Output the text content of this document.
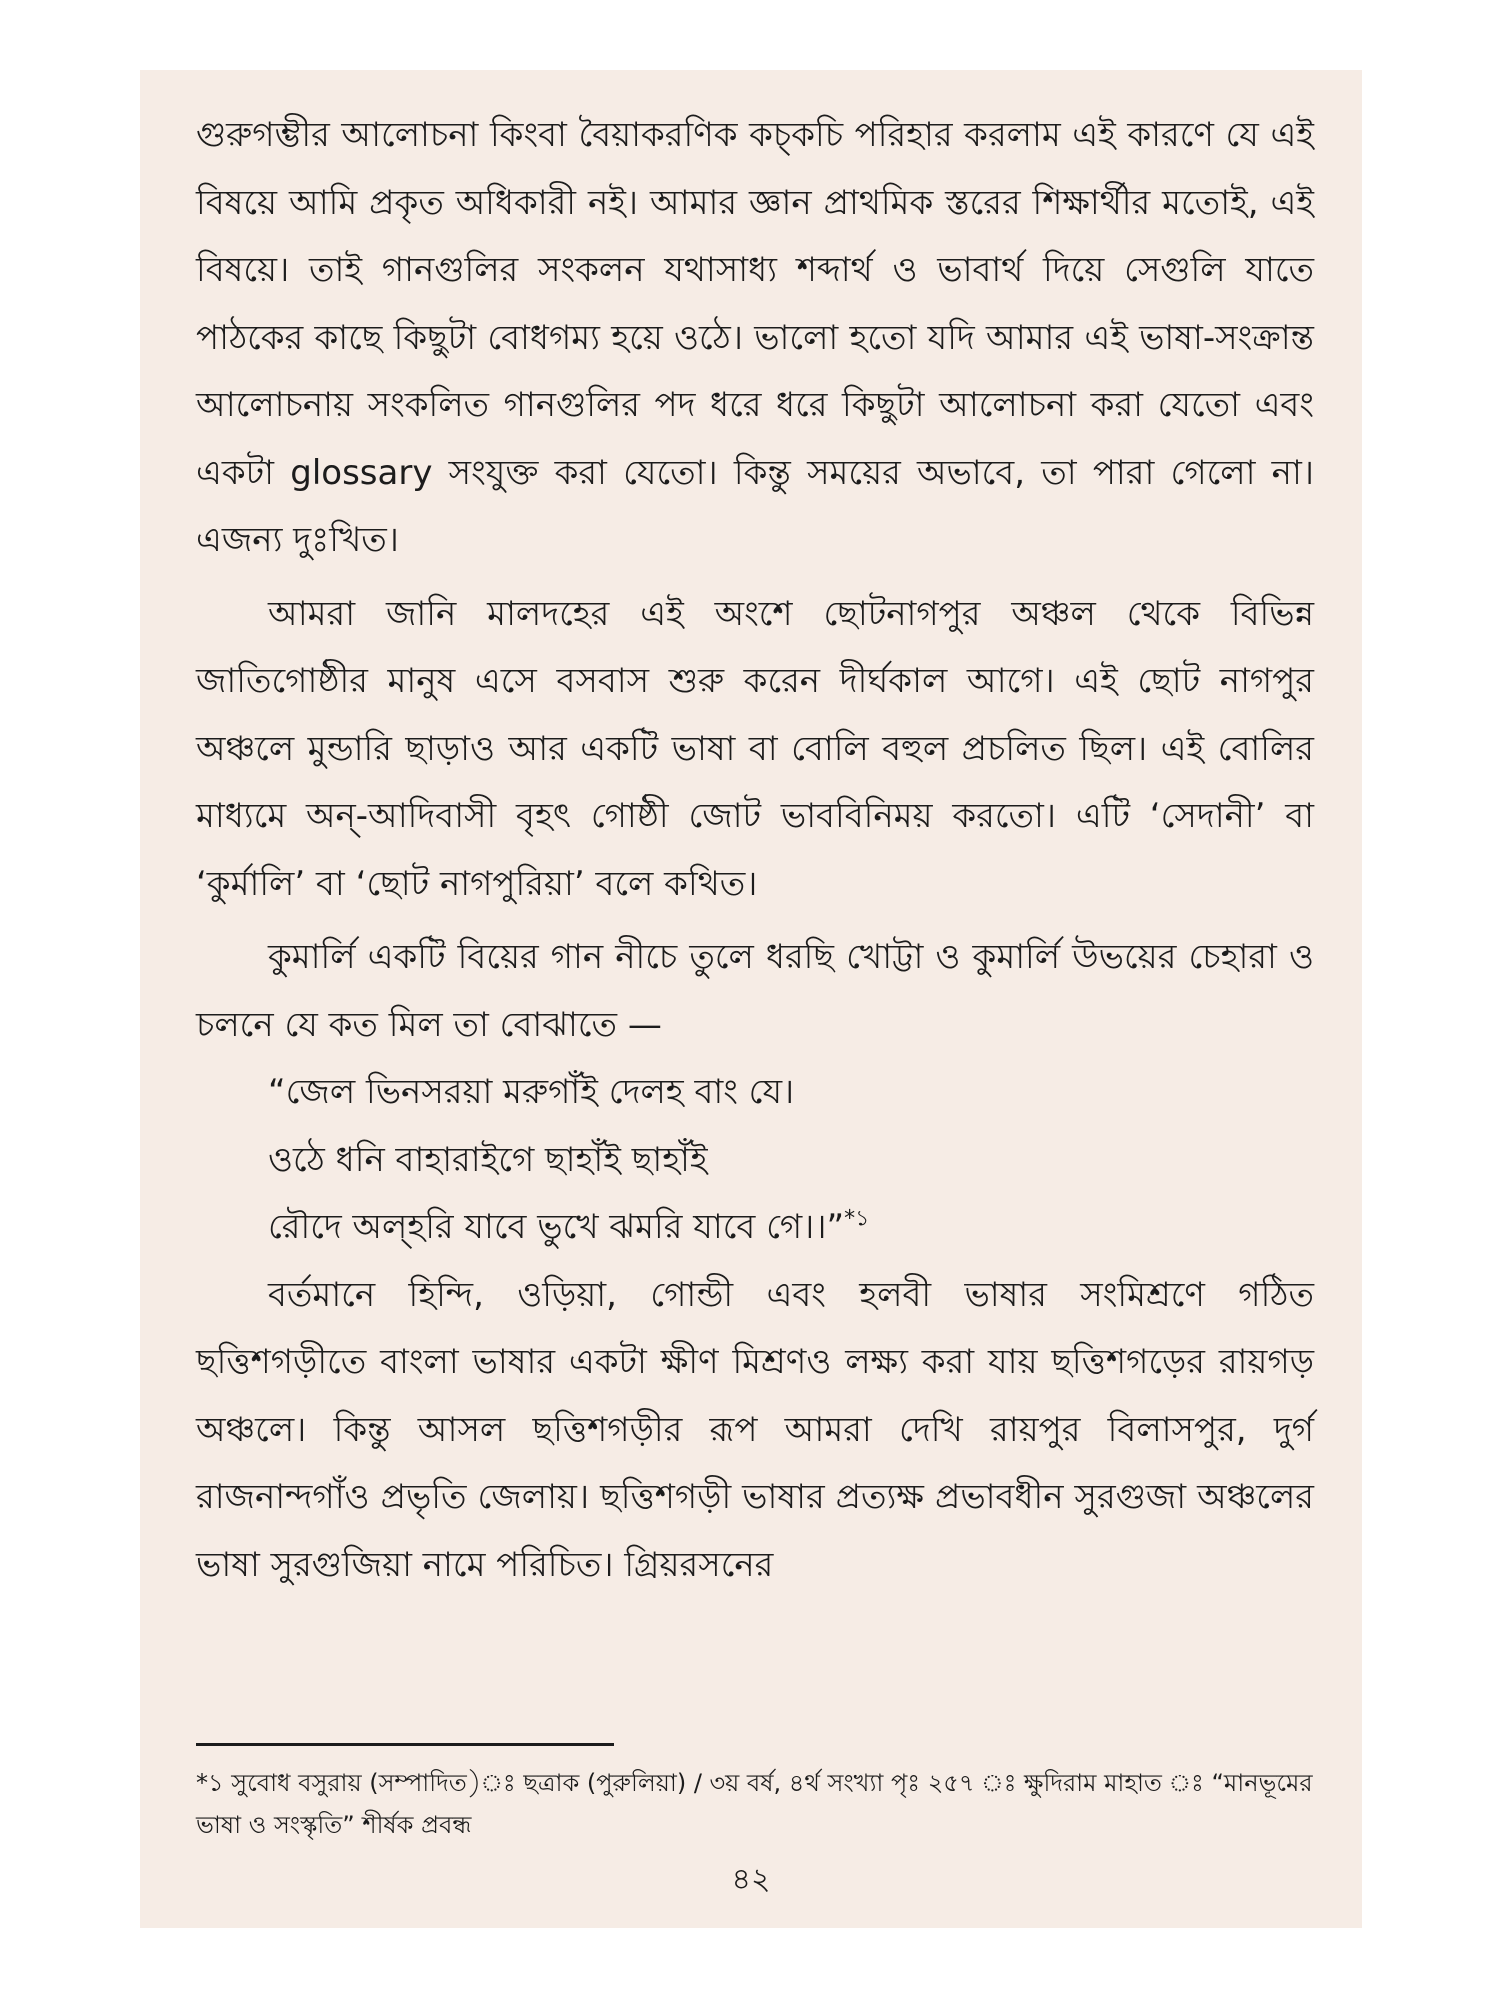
গুরুগম্ভীর আলোচনা কিংবা বৈয়াকরণিক কচ্‌কচি পরিহার করলাম এই কারণে যে এই বিষয়ে আমি প্রকৃত অধিকারী নই। আমার জ্ঞান প্রাথমিক স্তরের শিক্ষার্থীর মতোই, এই বিষয়ে। তাই গানগুলির সংকলন যথাসাধ্য শব্দার্থ ও ভাবার্থ দিয়ে সেগুলি যাতে পাঠকের কাছে কিছুটা বোধগম্য হয়ে ওঠে। ভালো হতো যদি আমার এই ভাষা-সংক্রান্ত আলোচনায় সংকলিত গানগুলির পদ ধরে ধরে কিছুটা আলোচনা করা যেতো এবং একটা glossary সংযুক্ত করা যেতো। কিন্তু সময়ের অভাবে, তা পারা গেলো না। এজন্য দুঃখিত।

আমরা জানি মালদহের এই অংশে ছোটনাগপুর অঞ্চল থেকে বিভিন্ন জাতিগোষ্ঠীর মানুষ এসে বসবাস শুরু করেন দীর্ঘকাল আগে। এই ছোট নাগপুর অঞ্চলে মুন্ডারি ছাড়াও আর একটি ভাষা বা বোলি বহুল প্রচলিত ছিল। এই বোলির মাধ্যমে অন্‌-আদিবাসী বৃহৎ গোষ্ঠী জোট ভাববিনিময় করতো। এটি ‘সেদানী’ বা ‘কুর্মালি’ বা ‘ছোট নাগপুরিয়া’ বলে কথিত।

কুমার্লি একটি বিয়ের গান নীচে তুলে ধরছি খোট্টা ও কুমার্লি উভয়ের চেহারা ও চলনে যে কত মিল তা বোঝাতে —

“জেল ভিনসরয়া মরুগাঁই দেলহ বাং যে।
ওঠে ধনি বাহারাইগে ছাহাঁই ছাহাঁই
রৌদে অল্‌হরি যাবে ভুখে ঝমরি যাবে গে।।”$^{*১}$

বর্তমানে হিন্দি, ওড়িয়া, গোন্ডী এবং হলবী ভাষার সংমিশ্রণে গঠিত ছত্তিশগড়ীতে বাংলা ভাষার একটা ক্ষীণ মিশ্রণও লক্ষ্য করা যায় ছত্তিশগড়ের রায়গড় অঞ্চলে। কিন্তু আসল ছত্তিশগড়ীর রূপ আমরা দেখি রায়পুর বিলাসপুর, দুর্গ রাজনান্দগাঁও প্রভৃতি জেলায়। ছত্তিশগড়ী ভাষার প্রত্যক্ষ প্রভাবধীন সুরগুজা অঞ্চলের ভাষা সুরগুজিয়া নামে পরিচিত। গ্রিয়রসনের

*১ সুবোধ বসুরায় (সম্পাদিত)ঃ ছত্রাক (পুরুলিয়া) / ৩য় বর্ষ, ৪র্থ সংখ্যা পৃঃ ২৫৭ ঃ ক্ষুদিরাম মাহাত ঃ “মানভূমের ভাষা ও সংস্কৃতি” শীর্ষক প্রবন্ধ

৪২
